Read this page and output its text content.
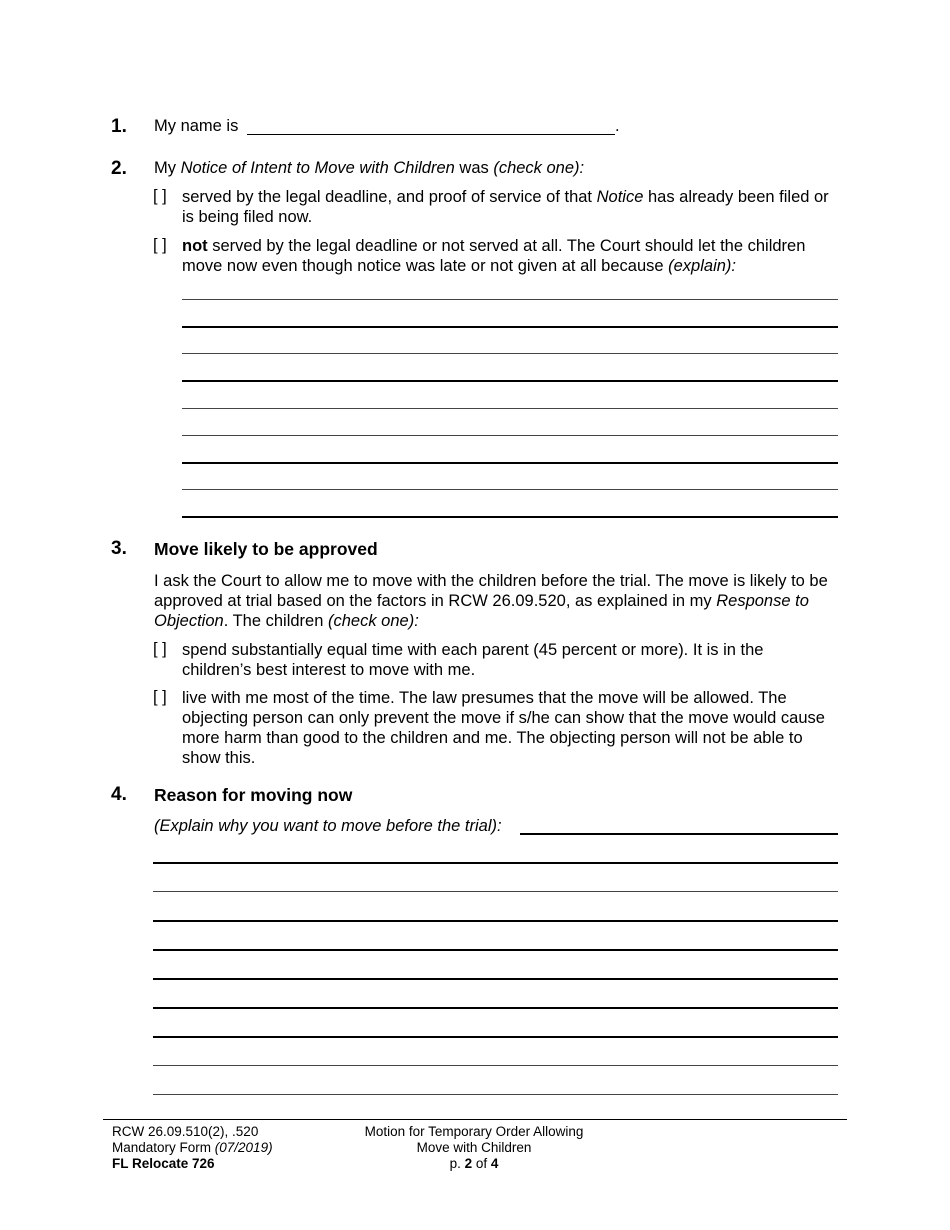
1. My name is	.
2. My Notice of Intent to Move with Children was (check one):
[ ] served by the legal deadline, and proof of service of that Notice has already been filed or is being filed now.
[ ] not served by the legal deadline or not served at all. The Court should let the children move now even though notice was late or not given at all because (explain):
3. Move likely to be approved
I ask the Court to allow me to move with the children before the trial. The move is likely to be approved at trial based on the factors in RCW 26.09.520, as explained in my Response to Objection. The children (check one):
[ ] spend substantially equal time with each parent (45 percent or more). It is in the children’s best interest to move with me.
[ ] live with me most of the time. The law presumes that the move will be allowed. The objecting person can only prevent the move if s/he can show that the move would cause more harm than good to the children and me. The objecting person will not be able to show this.
4. Reason for moving now
(Explain why you want to move before the trial):
RCW 26.09.510(2), .520
Mandatory Form (07/2019)
FL Relocate 726
Motion for Temporary Order Allowing
Move with Children
p. 2 of 4
